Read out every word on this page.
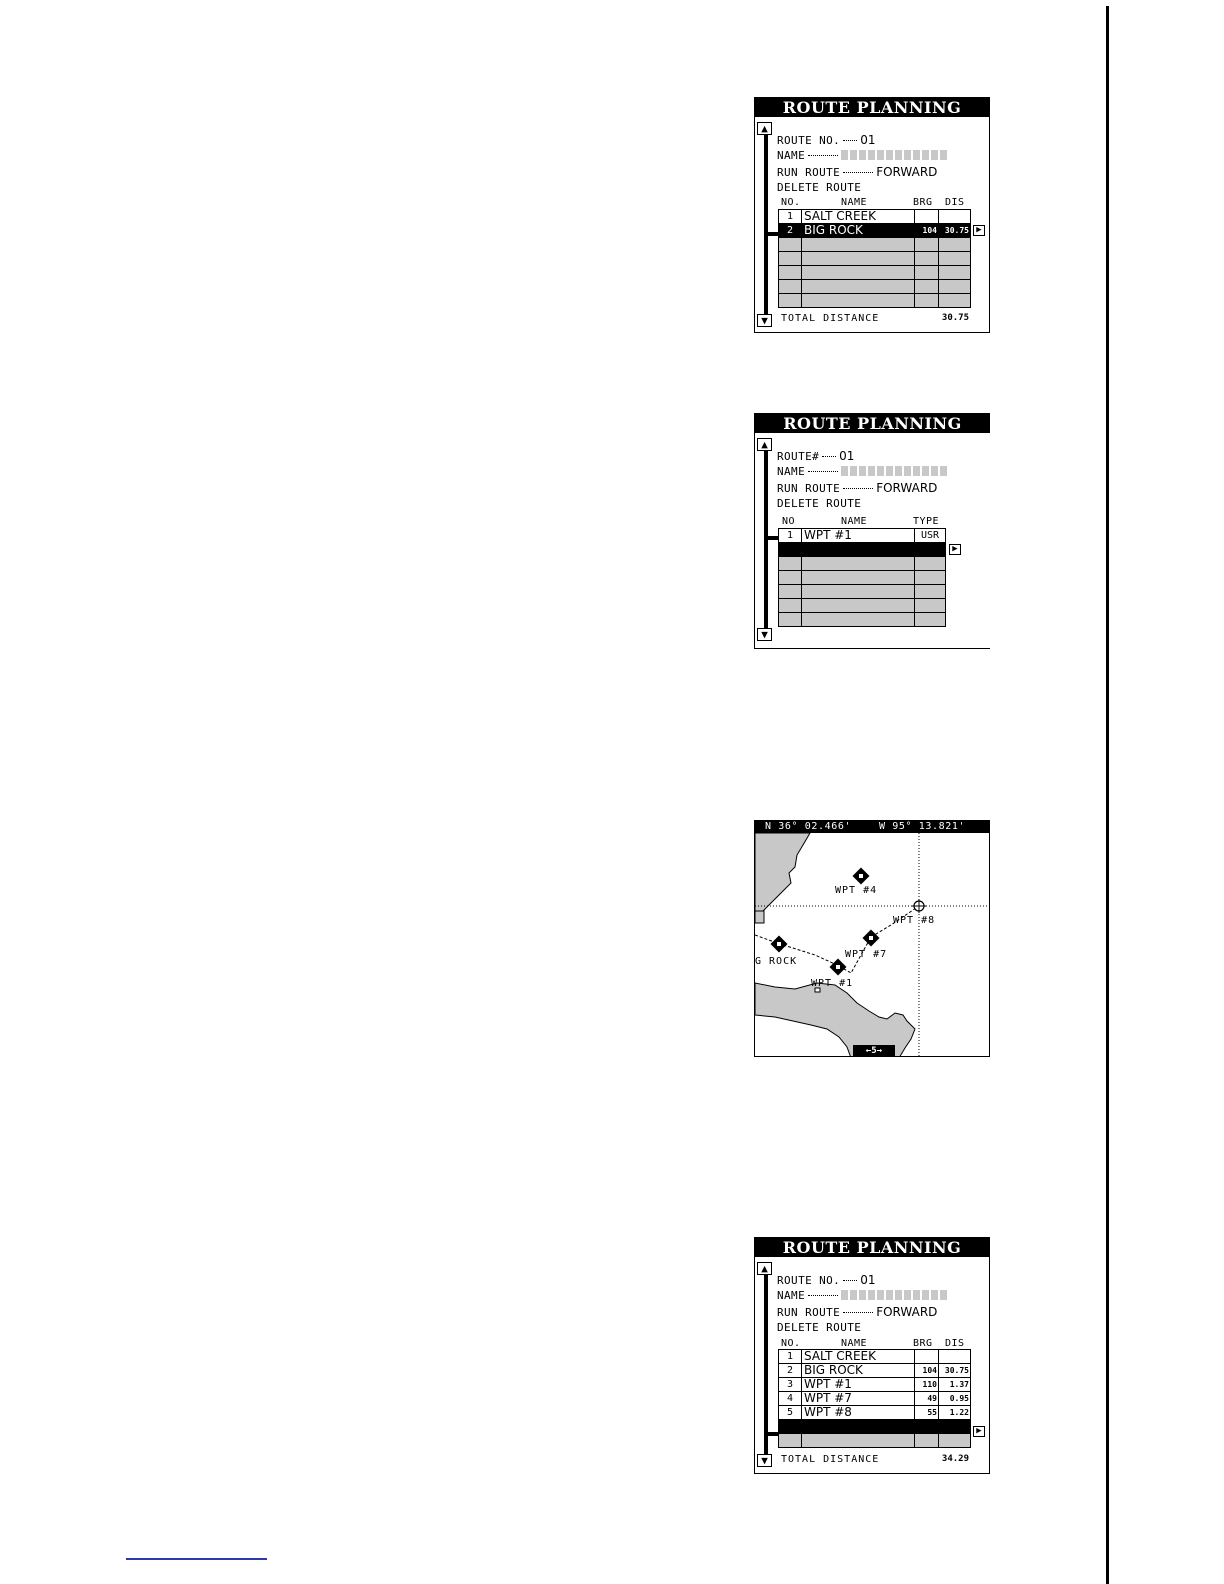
ROUTE PLANNING
▲
▼
ROUTE NO. 01
NAME
RUN ROUTE	FORWARD
DELETE ROUTE
NO.	NAME	BRG DIS
1	SALT CREEK		
2	BIG ROCK	104	30.75

			▶
TOTAL DISTANCE	30.75
ROUTE PLANNING
▲
▼
ROUTE# 01
NAME
RUN ROUTE	FORWARD
DELETE ROUTE
NO	NAME	TYPE
1	WPT #1	USR

▶
N 36° 02.466'	W 95° 13.821'
WPT #4
WPT #8
WPT #7
G ROCK
WPT #1
←5→
ROUTE PLANNING
▲
▼
ROUTE NO. 01
NAME
RUN ROUTE	FORWARD
DELETE ROUTE
NO.	NAME	BRG DIS
1	SALT CREEK		
2	BIG ROCK	104	30.75
3	WPT #1	110	1.37
4	WPT #7	49	0.95
5	WPT #8	55	1.22

▶
TOTAL DISTANCE	34.29
